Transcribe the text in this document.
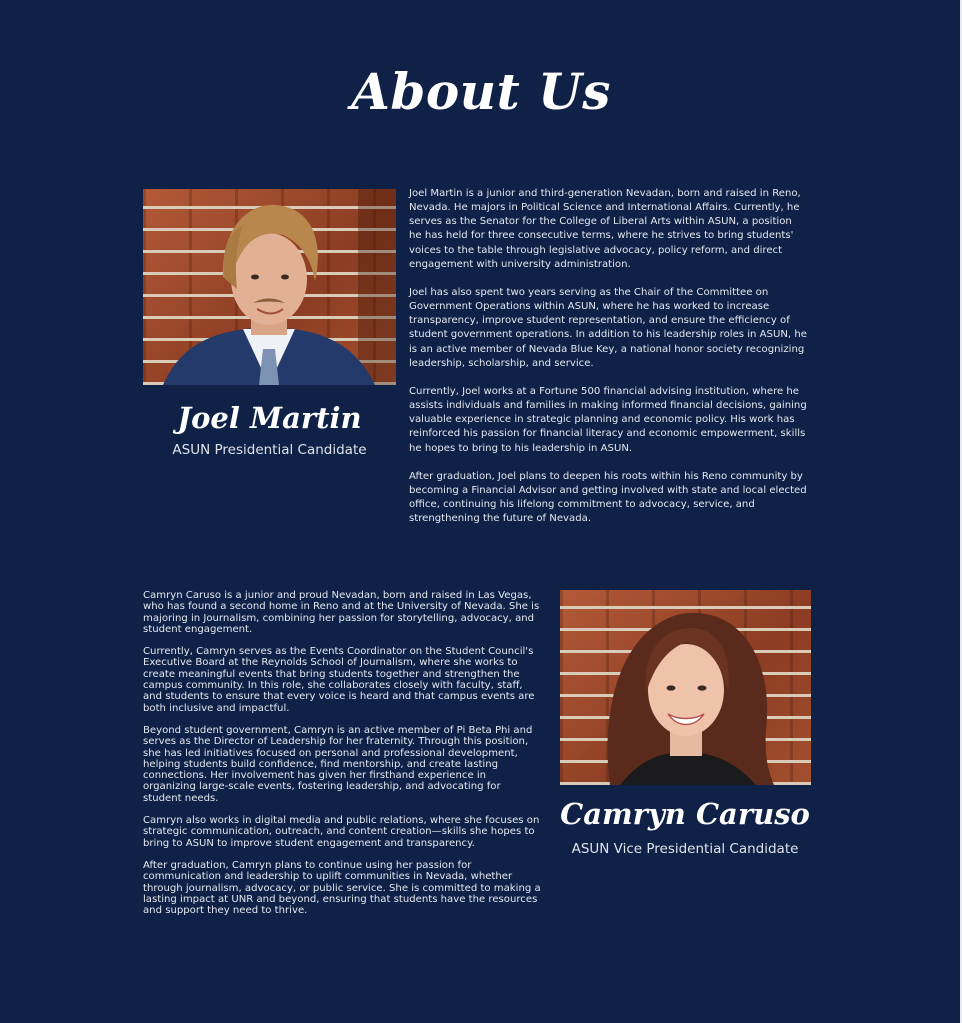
About Us
Joel Martin
ASUN Presidential Candidate

Joel Martin is a junior and third-generation Nevadan, born and raised in Reno, Nevada. He majors in Political Science and International Affairs. Currently, he serves as the Senator for the College of Liberal Arts within ASUN, a position he has held for three consecutive terms, where he strives to bring students' voices to the table through legislative advocacy, policy reform, and direct engagement with university administration.

Joel has also spent two years serving as the Chair of the Committee on Government Operations within ASUN, where he has worked to increase transparency, improve student representation, and ensure the efficiency of student government operations. In addition to his leadership roles in ASUN, he is an active member of Nevada Blue Key, a national honor society recognizing leadership, scholarship, and service.

Currently, Joel works at a Fortune 500 financial advising institution, where he assists individuals and families in making informed financial decisions, gaining valuable experience in strategic planning and economic policy. His work has reinforced his passion for financial literacy and economic empowerment, skills he hopes to bring to his leadership in ASUN.

After graduation, Joel plans to deepen his roots within his Reno community by becoming a Financial Advisor and getting involved with state and local elected office, continuing his lifelong commitment to advocacy, service, and strengthening the future of Nevada.

Camryn Caruso is a junior and proud Nevadan, born and raised in Las Vegas, who has found a second home in Reno and at the University of Nevada. She is majoring in Journalism, combining her passion for storytelling, advocacy, and student engagement.

Currently, Camryn serves as the Events Coordinator on the Student Council's Executive Board at the Reynolds School of Journalism, where she works to create meaningful events that bring students together and strengthen the campus community. In this role, she collaborates closely with faculty, staff, and students to ensure that every voice is heard and that campus events are both inclusive and impactful.

Beyond student government, Camryn is an active member of Pi Beta Phi and serves as the Director of Leadership for her fraternity. Through this position, she has led initiatives focused on personal and professional development, helping students build confidence, find mentorship, and create lasting connections. Her involvement has given her firsthand experience in organizing large-scale events, fostering leadership, and advocating for student needs.

Camryn also works in digital media and public relations, where she focuses on strategic communication, outreach, and content creation—skills she hopes to bring to ASUN to improve student engagement and transparency.

After graduation, Camryn plans to continue using her passion for communication and leadership to uplift communities in Nevada, whether through journalism, advocacy, or public service. She is committed to making a lasting impact at UNR and beyond, ensuring that students have the resources and support they need to thrive.

Camryn Caruso
ASUN Vice Presidential Candidate
